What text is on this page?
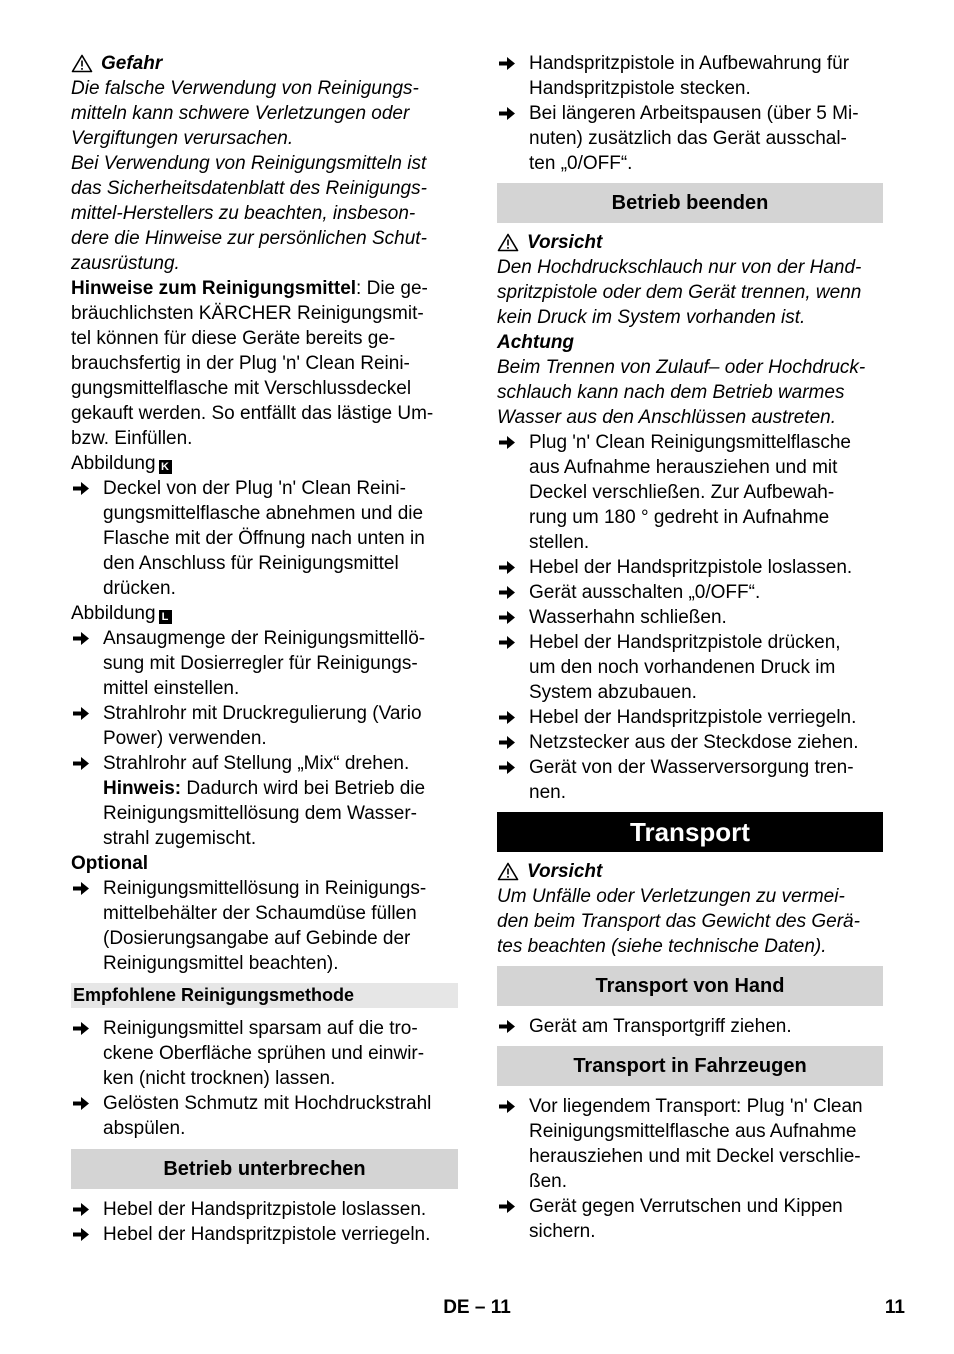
Gefahr
Die falsche Verwendung von Reinigungs-
mitteln kann schwere Verletzungen oder
Vergiftungen verursachen.
Bei Verwendung von Reinigungsmitteln ist
das Sicherheitsdatenblatt des Reinigungs-
mittel-Herstellers zu beachten, insbeson-
dere die Hinweise zur persönlichen Schut-
zausrüstung.
Hinweise zum Reinigungsmittel: Die ge-
bräuchlichsten KÄRCHER Reinigungsmit-
tel können für diese Geräte bereits ge-
brauchsfertig in der Plug 'n' Clean Reini-
gungsmittelflasche mit Verschlussdeckel
gekauft werden. So entfällt das lästige Um-
bzw. Einfüllen.
Abbildung K
Deckel von der Plug 'n' Clean Reini-
gungsmittelflasche abnehmen und die
Flasche mit der Öffnung nach unten in
den Anschluss für Reinigungsmittel
drücken.
Abbildung L
Ansaugmenge der Reinigungsmittellö-
sung mit Dosierregler für Reinigungs-
mittel einstellen.
Strahlrohr mit Druckregulierung (Vario
Power) verwenden.
Strahlrohr auf Stellung „Mix“ drehen.
Hinweis: Dadurch wird bei Betrieb die
Reinigungsmittellösung dem Wasser-
strahl zugemischt.
Optional
Reinigungsmittellösung in Reinigungs-
mittelbehälter der Schaumdüse füllen
(Dosierungsangabe auf Gebinde der
Reinigungsmittel beachten).
Empfohlene Reinigungsmethode
Reinigungsmittel sparsam auf die tro-
ckene Oberfläche sprühen und einwir-
ken (nicht trocknen) lassen.
Gelösten Schmutz mit Hochdruckstrahl
abspülen.
Betrieb unterbrechen
Hebel der Handspritzpistole loslassen.
Hebel der Handspritzpistole verriegeln.
Handspritzpistole in Aufbewahrung für
Handspritzpistole stecken.
Bei längeren Arbeitspausen (über 5 Mi-
nuten) zusätzlich das Gerät ausschal-
ten „0/OFF“.
Betrieb beenden
Vorsicht
Den Hochdruckschlauch nur von der Hand-
spritzpistole oder dem Gerät trennen, wenn
kein Druck im System vorhanden ist.
Achtung
Beim Trennen von Zulauf– oder Hochdruck-
schlauch kann nach dem Betrieb warmes
Wasser aus den Anschlüssen austreten.
Plug 'n' Clean Reinigungsmittelflasche
aus Aufnahme herausziehen und mit
Deckel verschließen. Zur Aufbewah-
rung um 180 ° gedreht in Aufnahme
stellen.
Hebel der Handspritzpistole loslassen.
Gerät ausschalten „0/OFF“.
Wasserhahn schließen.
Hebel der Handspritzpistole drücken,
um den noch vorhandenen Druck im
System abzubauen.
Hebel der Handspritzpistole verriegeln.
Netzstecker aus der Steckdose ziehen.
Gerät von der Wasserversorgung tren-
nen.
Transport
Vorsicht
Um Unfälle oder Verletzungen zu vermei-
den beim Transport das Gewicht des Gerä-
tes beachten (siehe technische Daten).
Transport von Hand
Gerät am Transportgriff ziehen.
Transport in Fahrzeugen
Vor liegendem Transport: Plug 'n' Clean
Reinigungsmittelflasche aus Aufnahme
herausziehen und mit Deckel verschlie-
ßen.
Gerät gegen Verrutschen und Kippen
sichern.
DE – 11	11
